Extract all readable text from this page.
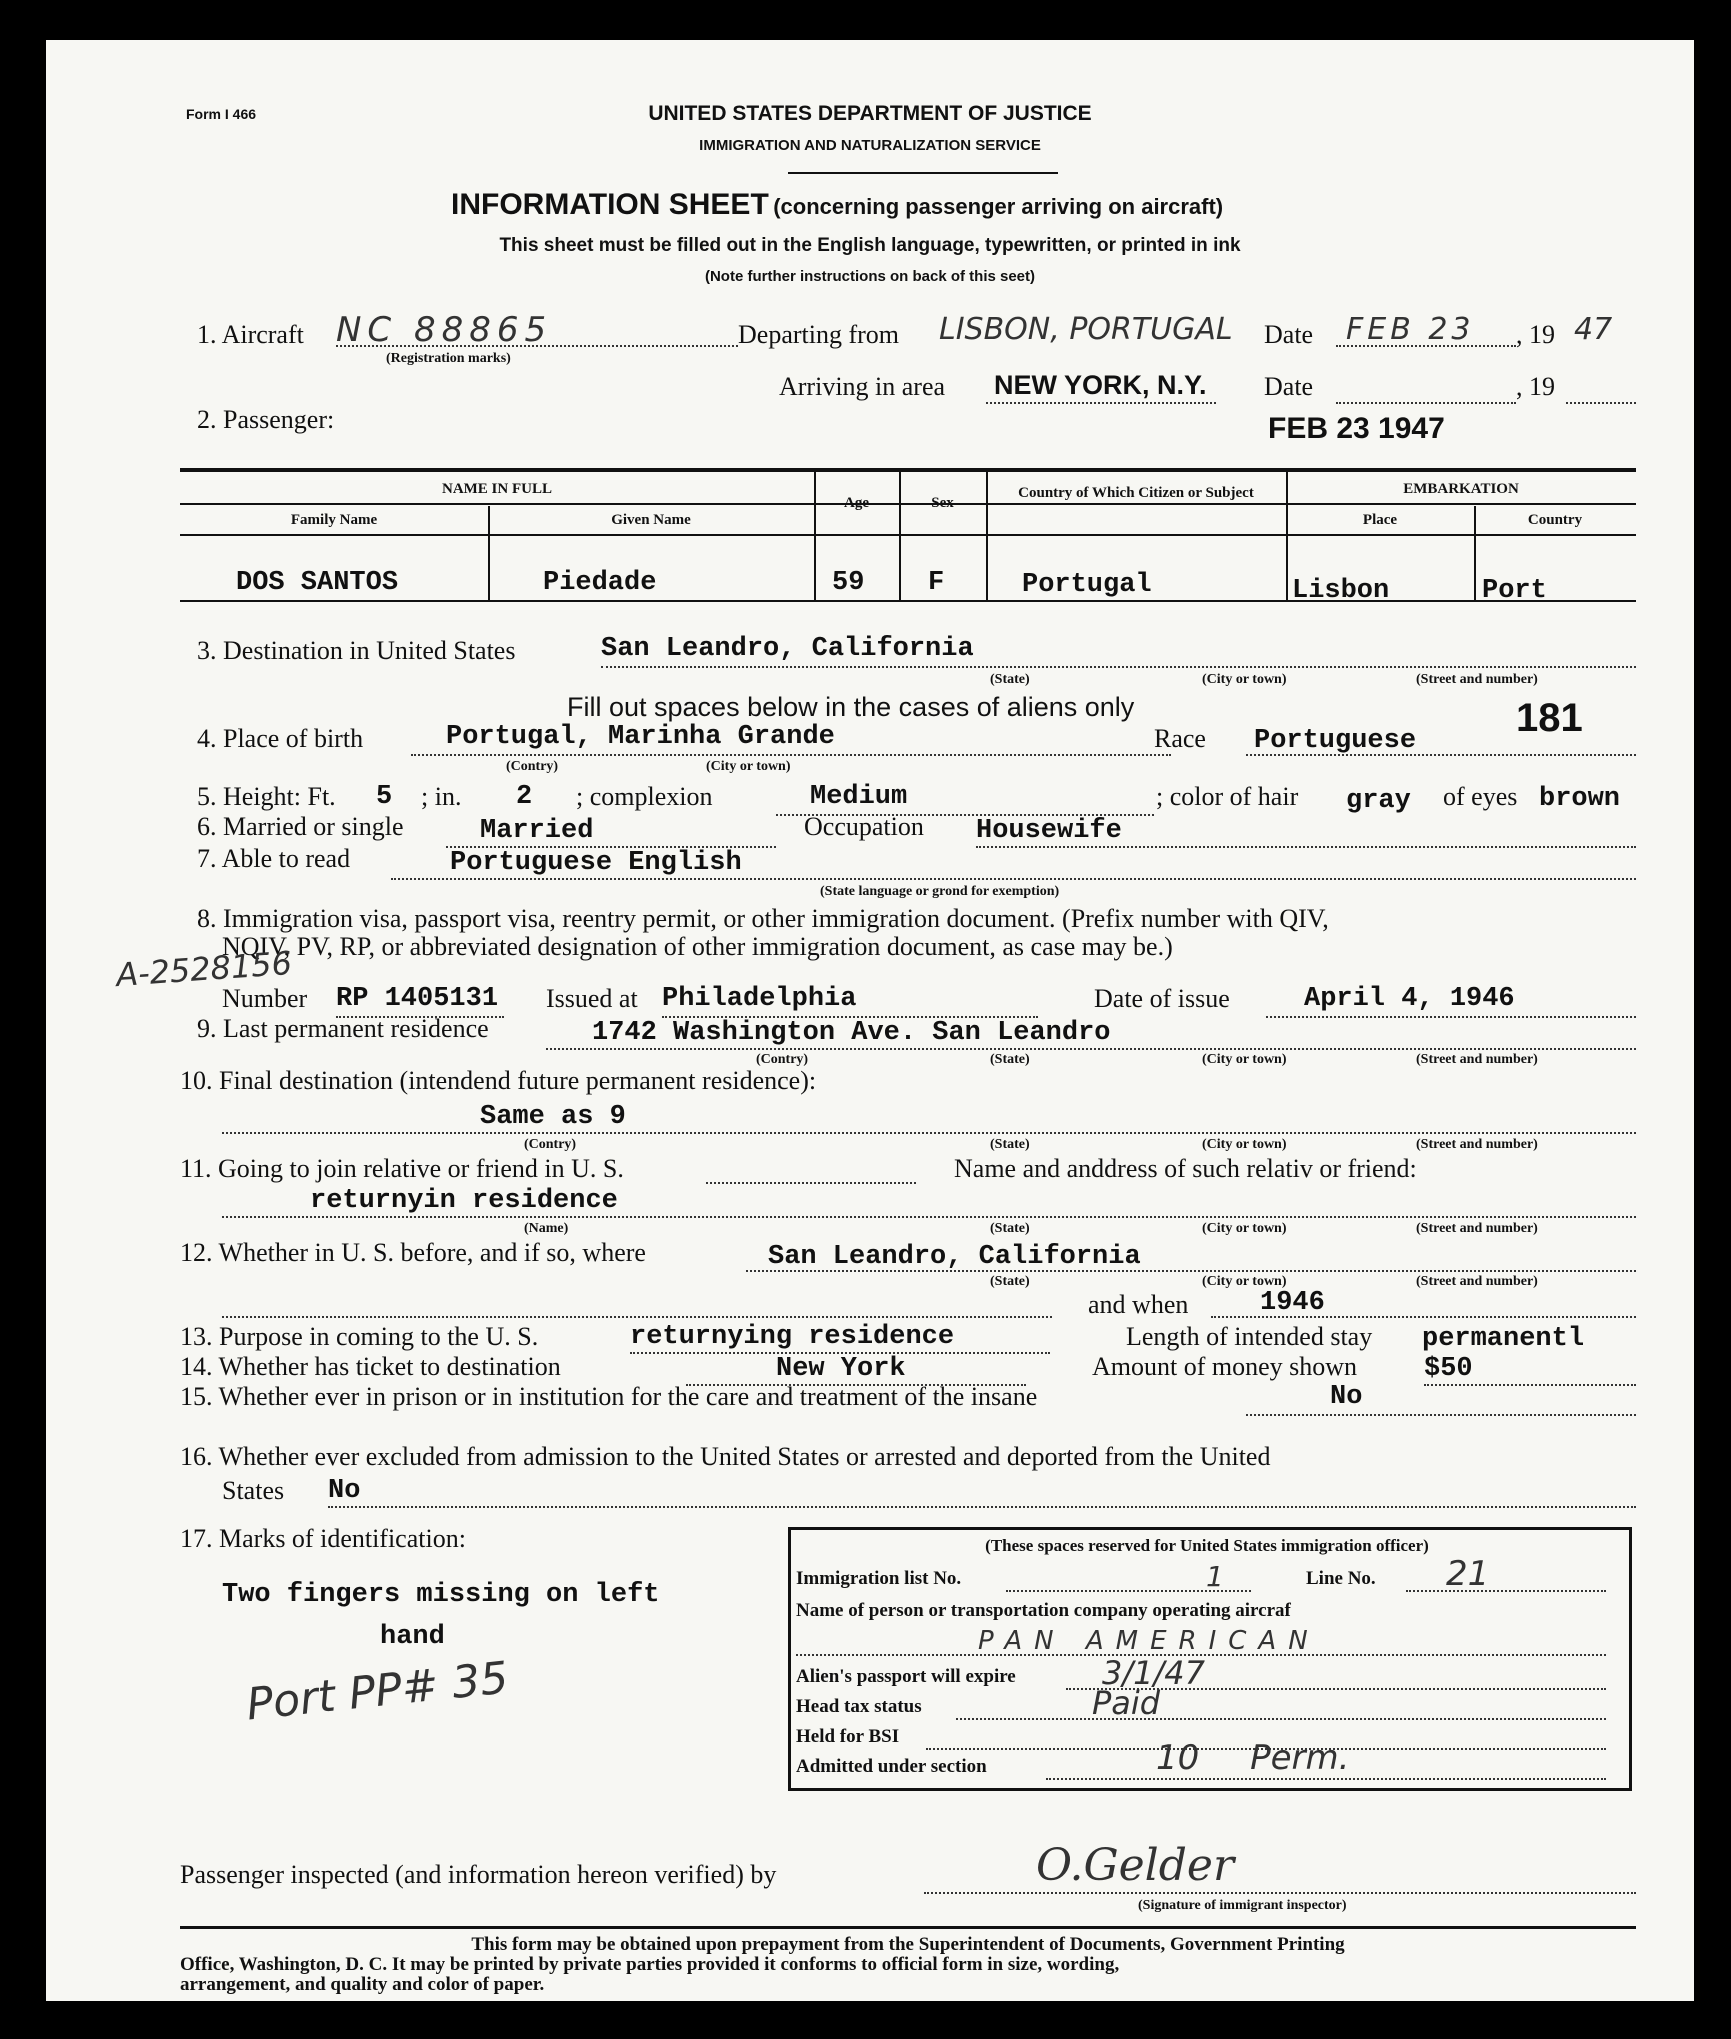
Form I 466	UNITED STATES DEPARTMENT OF JUSTICE
IMMIGRATION AND NATURALIZATION SERVICE
INFORMATION SHEET (concerning passenger arriving on aircraft)
This sheet must be filled out in the English language, typewritten, or printed in ink
(Note further instructions on back of this seet)
1. Aircraft NC 88865
(Registration marks)
Departing from LISBON, PORTUGAL Date FEB 23 , 19 47
Arriving in area NEW YORK, N.Y. Date	, 19
2. Passenger:	FEB 23 1947
NAME IN FULL
Family Name	Given Name
Age	Sex
Country of Which Citizen or Subject	EMBARKATION
Place	Country
DOS SANTOS	Piedade	59 F	Portugal	Lisbon	Port
3. Destination in United States	San Leandro, California
(State)	(City or town)	(Street and number)
Fill out spaces below in the cases of aliens only	181
4. Place of birth	Portugal, Marinha Grande
(Contry)	(City or town)
Race Portuguese
5. Height: Ft. 5 ; in. 2 ; complexion	Medium	; color of hair gray of eyes brown
6. Married or single	Married	Occupation Housewife
7. Able to read	Portuguese English
(State language or gro​nd for exemption)
8. Immigration visa, passport visa, reentry permit, or other immigration document. (Prefix number with QIV,
NQIV, PV, RP, or abbreviated designation of other immigration document, as case may be.)
A-2528156
Number RP 1405131 Issued at Philadelphia	Date of issue	April 4, 1946
9. Last permanent residence	1742 Washington Ave. San Leandro
(Contry)	(State)	(City or town)	(Street and number)
10. Final destination (intendend future permanent residence):
Same as 9
(Contry)	(State)	(City or town)	(Street and number)
11. Going to join relative or friend in U. S.	Name and anddress of such relativ or friend:
returnyin residence
(Name)	(State)	(City or town)	(Street and number)
12. Whether in U. S. before, and if so, where	San Leandro, California
(State)	(City or town)	(Street and number)
and when	1946
13. Purpose in coming to the U. S.	returnying residence	Length of intended stay permanentl
14. Whether has ticket to destination	New York	Amount of money shown $50
15. Whether ever in prison or in institution for the care and treatment of the insane	No
16. Whether ever excluded from admission to the United States or arrested and deported from the United
States No
17. Marks of identification:
Two fingers missing on left
hand
Port PP# 35
(These spaces reserved for United States immigration officer)
Immigration list No.	1	Line No. 21
Name of person or transportation company operating aircraf
PAN AMERICAN
Alien's passport will expire	3/1/47
Head tax status	Paid
Held for BSI
Admitted under section	10 Perm.
Passenger inspected (and information hereon verified) by	O.Gelder
(Signature of immigrant inspector)
This form may be obtained upon prepayment from the Superintendent of Documents, Government Printing
Office, Washington, D. C. It may be printed by private parties provided it conforms to official form in size, wording,
arrangement, and quality and color of paper.
